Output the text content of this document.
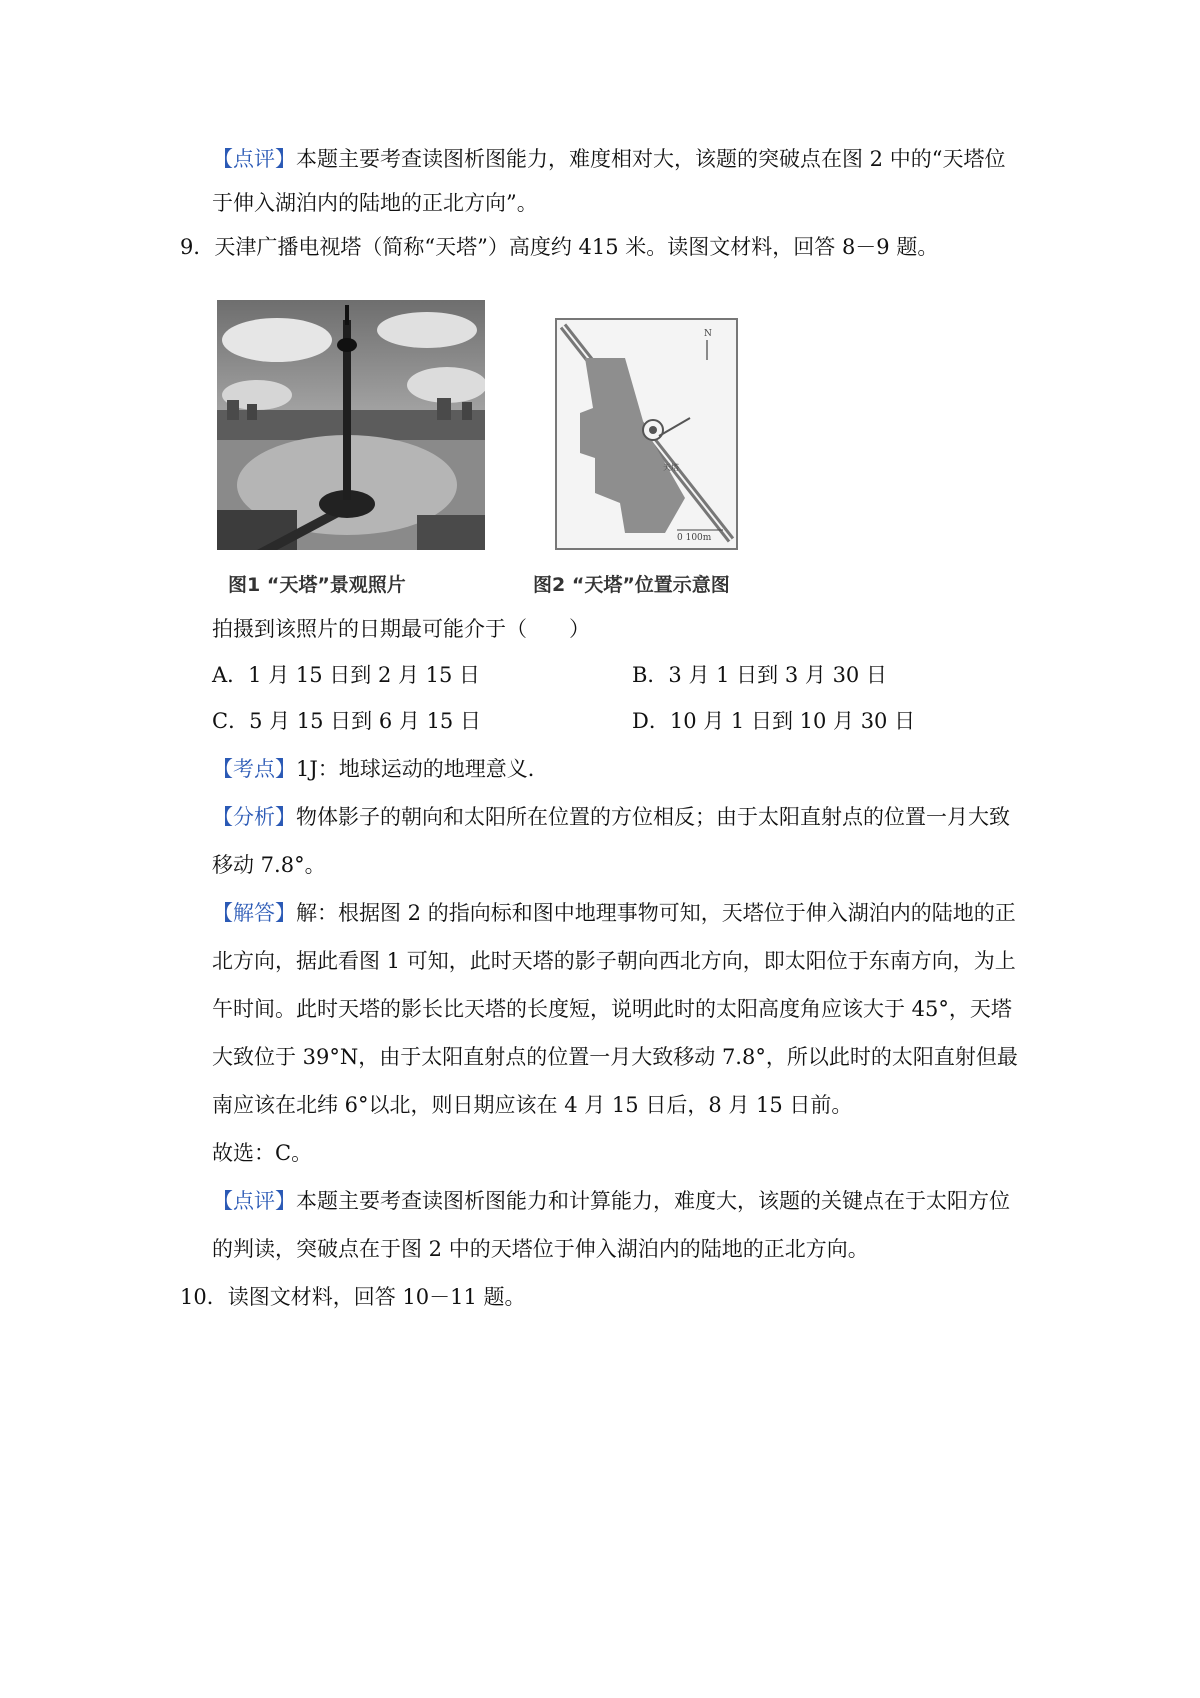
【点评】本题主要考查读图析图能力，难度相对大，该题的突破点在图 2 中的“天塔位
于伸入湖泊内的陆地的正北方向”。
9．天津广播电视塔（简称“天塔”）高度约 415 米。读图文材料，回答 8－9 题。
图1 “天塔”景观照片
N
天塔
0 100m
图2 “天塔”位置示意图
拍摄到该照片的日期最可能介于（　　）
A．1 月 15 日到 2 月 15 日	B．3 月 1 日到 3 月 30 日
C．5 月 15 日到 6 月 15 日	D．10 月 1 日到 10 月 30 日
【考点】1J：地球运动的地理意义．
【分析】物体影子的朝向和太阳所在位置的方位相反；由于太阳直射点的位置一月大致
移动 7.8°。
【解答】解：根据图 2 的指向标和图中地理事物可知，天塔位于伸入湖泊内的陆地的正
北方向，据此看图 1 可知，此时天塔的影子朝向西北方向，即太阳位于东南方向，为上
午时间。此时天塔的影长比天塔的长度短，说明此时的太阳高度角应该大于 45°，天塔
大致位于 39°N，由于太阳直射点的位置一月大致移动 7.8°，所以此时的太阳直射但最
南应该在北纬 6°以北，则日期应该在 4 月 15 日后，8 月 15 日前。
故选：C。
【点评】本题主要考查读图析图能力和计算能力，难度大，该题的关键点在于太阳方位
的判读，突破点在于图 2 中的天塔位于伸入湖泊内的陆地的正北方向。
10．读图文材料，回答 10－11 题。
